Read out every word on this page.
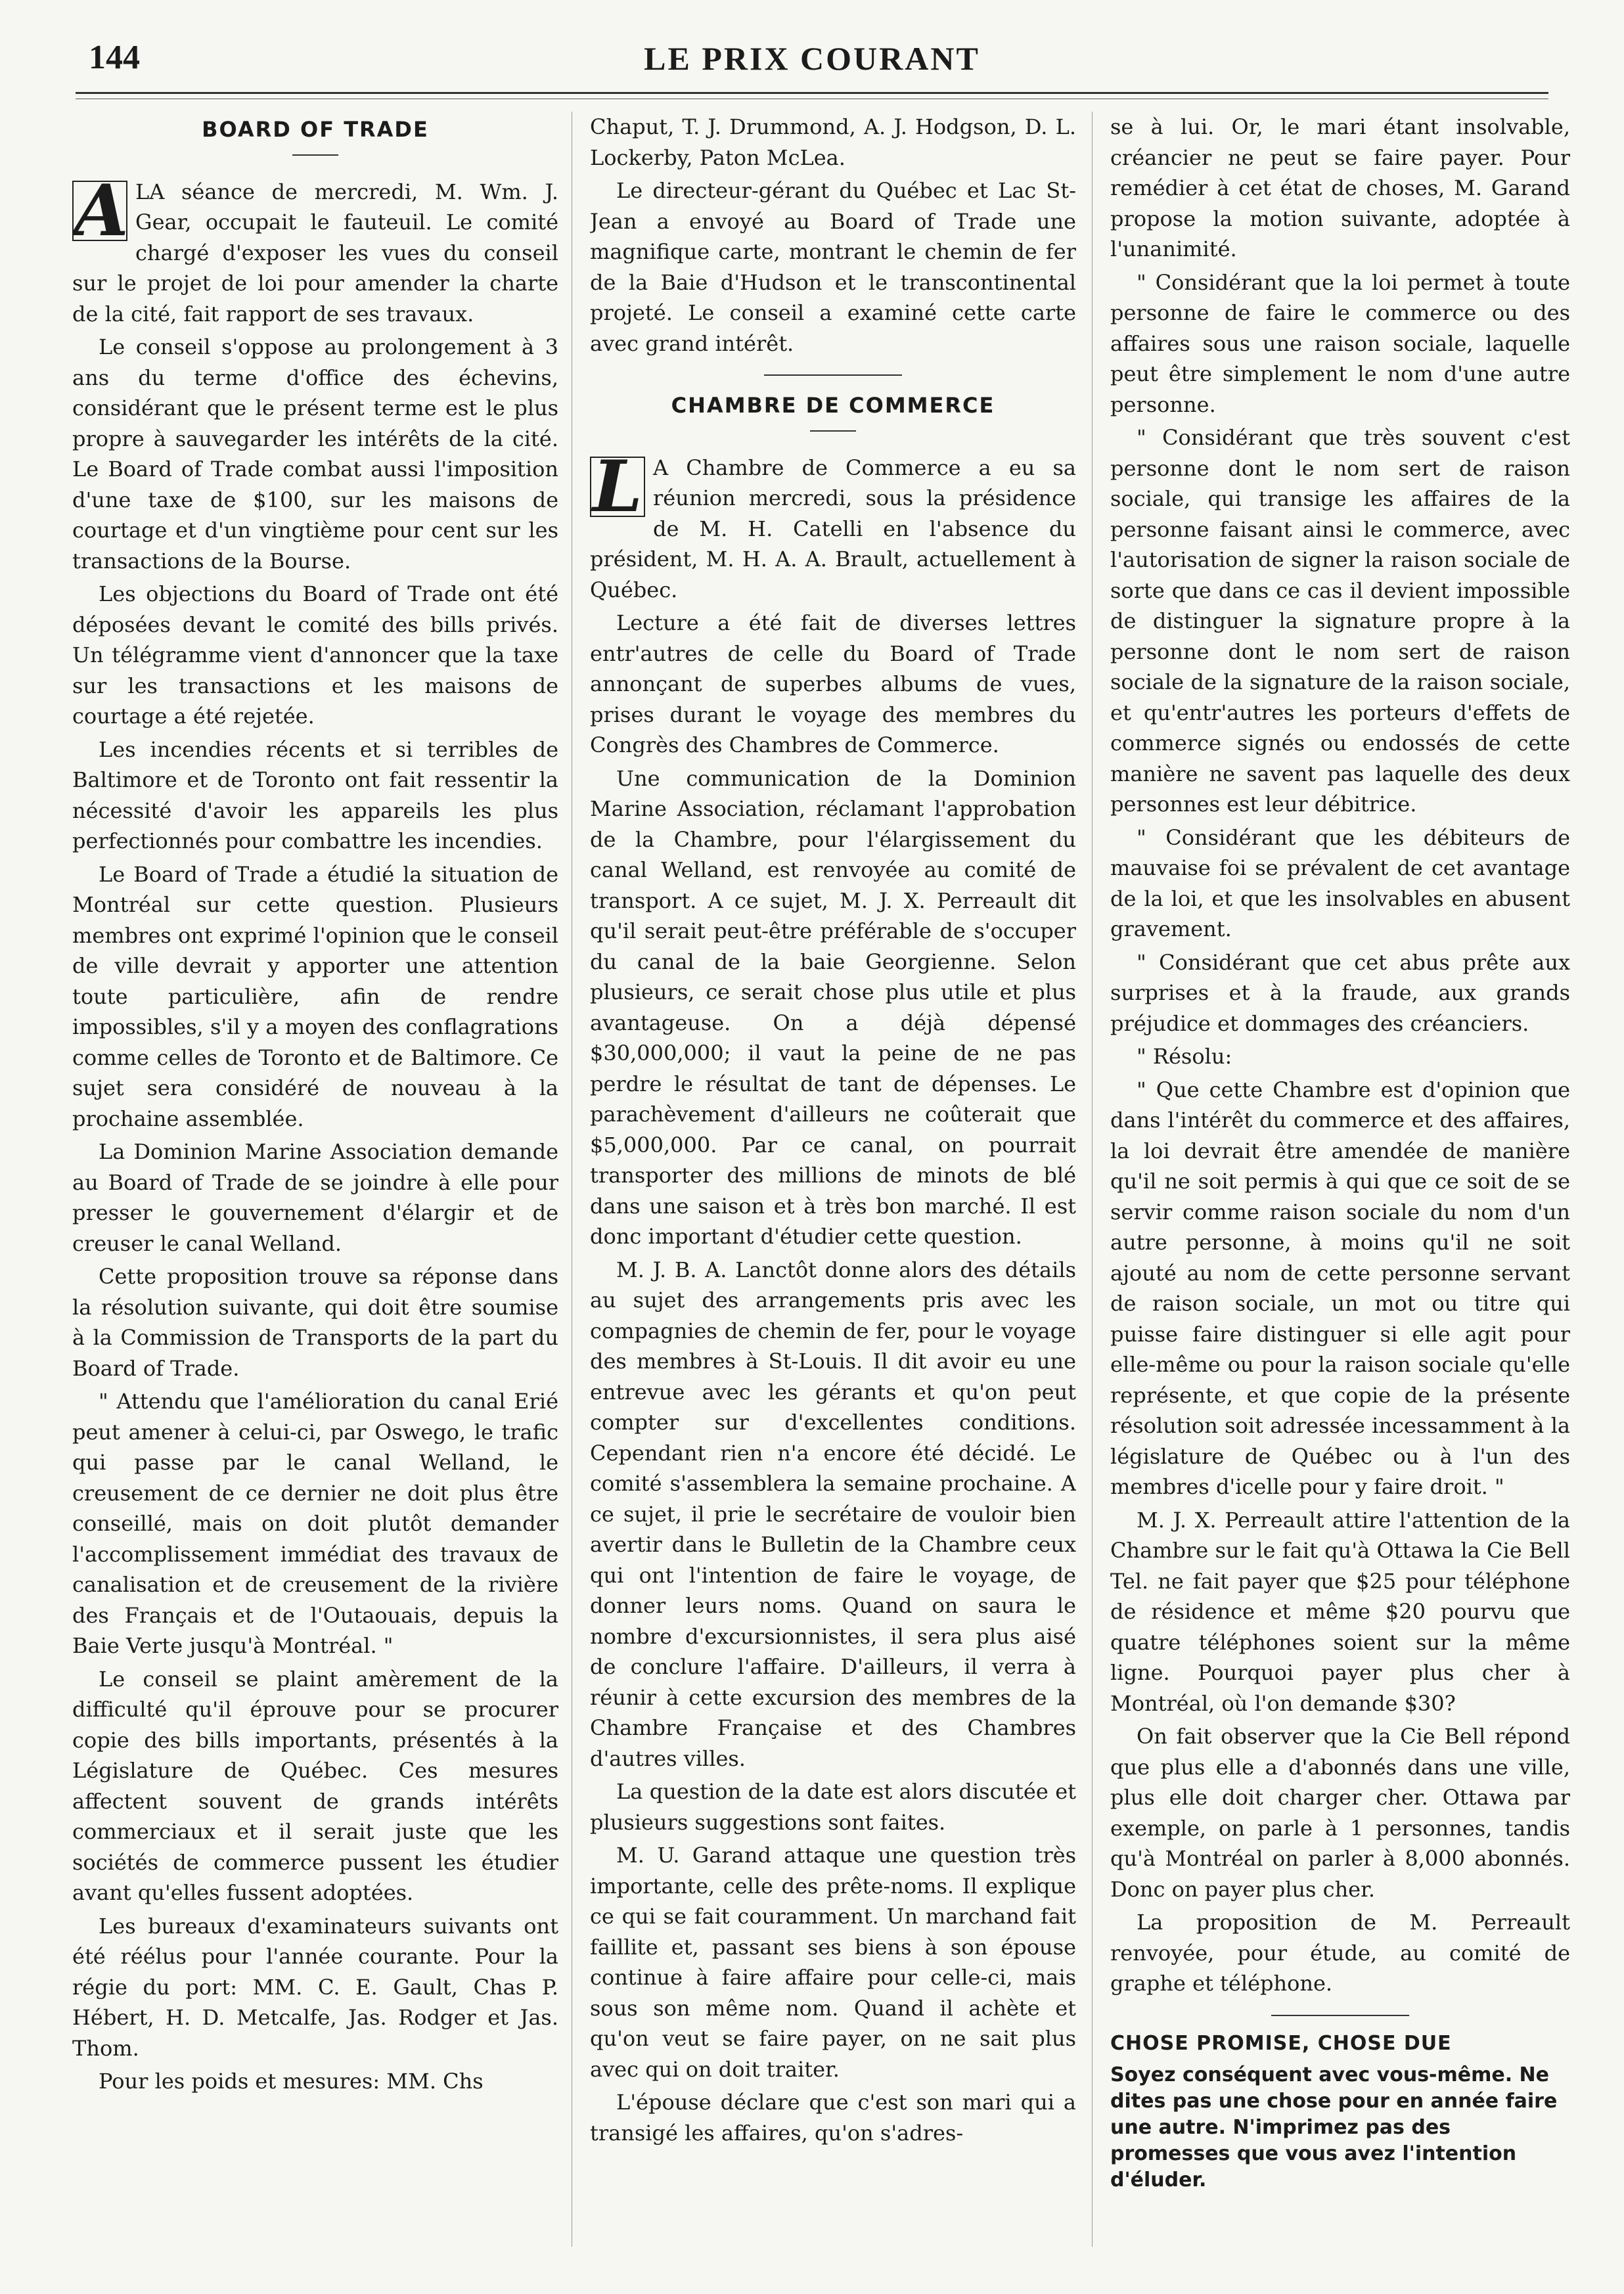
144	LE PRIX COURANT
BOARD OF TRADE

A LA séance de mercredi, M. Wm. J. Gear, occupait le fauteuil. Le comité chargé d'exposer les vues du conseil sur le projet de loi pour amender la charte de la cité, fait rapport de ses travaux.

Le conseil s'oppose au prolongement à 3 ans du terme d'office des échevins, considérant que le présent terme est le plus propre à sauvegarder les intérêts de la cité. Le Board of Trade combat aussi l'imposition d'une taxe de $100, sur les maisons de courtage et d'un vingtième pour cent sur les transactions de la Bourse.

Les objections du Board of Trade ont été déposées devant le comité des bills privés. Un télégramme vient d'annoncer que la taxe sur les transactions et les maisons de courtage a été rejetée.

Les incendies récents et si terribles de Baltimore et de Toronto ont fait ressentir la nécessité d'avoir les appareils les plus perfectionnés pour combattre les incendies.

Le Board of Trade a étudié la situation de Montréal sur cette question. Plusieurs membres ont exprimé l'opinion que le conseil de ville devrait y apporter une attention toute particulière, afin de rendre impossibles, s'il y a moyen des conflagrations comme celles de Toronto et de Baltimore. Ce sujet sera considéré de nouveau à la prochaine assemblée.

La Dominion Marine Association demande au Board of Trade de se joindre à elle pour presser le gouvernement d'élargir et de creuser le canal Welland.

Cette proposition trouve sa réponse dans la résolution suivante, qui doit être soumise à la Commission de Transports de la part du Board of Trade.

" Attendu que l'amélioration du canal Erié peut amener à celui-ci, par Oswego, le trafic qui passe par le canal Welland, le creusement de ce dernier ne doit plus être conseillé, mais on doit plutôt demander l'accomplissement immédiat des travaux de canalisation et de creusement de la rivière des Français et de l'Outaouais, depuis la Baie Verte jusqu'à Montréal. "

Le conseil se plaint amèrement de la difficulté qu'il éprouve pour se procurer copie des bills importants, présentés à la Législature de Québec. Ces mesures affectent souvent de grands intérêts commerciaux et il serait juste que les sociétés de commerce pussent les étudier avant qu'elles fussent adoptées.

Les bureaux d'examinateurs suivants ont été réélus pour l'année courante. Pour la régie du port: MM. C. E. Gault, Chas P. Hébert, H. D. Metcalfe, Jas. Rodger et Jas. Thom.

Pour les poids et mesures: MM. Chs

Chaput, T. J. Drummond, A. J. Hodgson, D. L. Lockerby, Paton McLea.

Le directeur-gérant du Québec et Lac St-Jean a envoyé au Board of Trade une magnifique carte, montrant le chemin de fer de la Baie d'Hudson et le transcontinental projeté. Le conseil a examiné cette carte avec grand intérêt.

CHAMBRE DE COMMERCE

L A Chambre de Commerce a eu sa réunion mercredi, sous la présidence de M. H. Catelli en l'absence du président, M. H. A. A. Brault, actuellement à Québec.

Lecture a été fait de diverses lettres entr'autres de celle du Board of Trade annonçant de superbes albums de vues, prises durant le voyage des membres du Congrès des Chambres de Commerce.

Une communication de la Dominion Marine Association, réclamant l'approbation de la Chambre, pour l'élargissement du canal Welland, est renvoyée au comité de transport. A ce sujet, M. J. X. Perreault dit qu'il serait peut-être préférable de s'occuper du canal de la baie Georgienne. Selon plusieurs, ce serait chose plus utile et plus avantageuse. On a déjà dépensé $30,000,000; il vaut la peine de ne pas perdre le résultat de tant de dépenses. Le parachèvement d'ailleurs ne coûterait que $5,000,000. Par ce canal, on pourrait transporter des millions de minots de blé dans une saison et à très bon marché. Il est donc important d'étudier cette question.

M. J. B. A. Lanctôt donne alors des détails au sujet des arrangements pris avec les compagnies de chemin de fer, pour le voyage des membres à St-Louis. Il dit avoir eu une entrevue avec les gérants et qu'on peut compter sur d'excellentes conditions. Cependant rien n'a encore été décidé. Le comité s'assemblera la semaine prochaine. A ce sujet, il prie le secrétaire de vouloir bien avertir dans le Bulletin de la Chambre ceux qui ont l'intention de faire le voyage, de donner leurs noms. Quand on saura le nombre d'excursionnistes, il sera plus aisé de conclure l'affaire. D'ailleurs, il verra à réunir à cette excursion des membres de la Chambre Française et des Chambres d'autres villes.

La question de la date est alors discutée et plusieurs suggestions sont faites.

M. U. Garand attaque une question très importante, celle des prête-noms. Il explique ce qui se fait couramment. Un marchand fait faillite et, passant ses biens à son épouse continue à faire affaire pour celle-ci, mais sous son même nom. Quand il achète et qu'on veut se faire payer, on ne sait plus avec qui on doit traiter.

L'épouse déclare que c'est son mari qui a transigé les affaires, qu'on s'adres-

se à lui. Or, le mari étant insolvable, créancier ne peut se faire payer. Pour remédier à cet état de choses, M. Garand propose la motion suivante, adoptée à l'unanimité.

" Considérant que la loi permet à toute personne de faire le commerce ou des affaires sous une raison sociale, laquelle peut être simplement le nom d'une autre personne.

" Considérant que très souvent c'est personne dont le nom sert de raison sociale, qui transige les affaires de la personne faisant ainsi le commerce, avec l'autorisation de signer la raison sociale de sorte que dans ce cas il devient impossible de distinguer la signature propre à la personne dont le nom sert de raison sociale de la signature de la raison sociale, et qu'entr'autres les porteurs d'effets de commerce signés ou endossés de cette manière ne savent pas laquelle des deux personnes est leur débitrice.

" Considérant que les débiteurs de mauvaise foi se prévalent de cet avantage de la loi, et que les insolvables en abusent gravement.

" Considérant que cet abus prête aux surprises et à la fraude, aux grands préjudice et dommages des créanciers.

" Résolu:

" Que cette Chambre est d'opinion que dans l'intérêt du commerce et des affaires, la loi devrait être amendée de manière qu'il ne soit permis à qui que ce soit de se servir comme raison sociale du nom d'un autre personne, à moins qu'il ne soit ajouté au nom de cette personne servant de raison sociale, un mot ou titre qui puisse faire distinguer si elle agit pour elle-même ou pour la raison sociale qu'elle représente, et que copie de la présente résolution soit adressée incessamment à la législature de Québec ou à l'un des membres d'icelle pour y faire droit. "

M. J. X. Perreault attire l'attention de la Chambre sur le fait qu'à Ottawa la Cie Bell Tel. ne fait payer que $25 pour téléphone de résidence et même $20 pourvu que quatre téléphones soient sur la même ligne. Pourquoi payer plus cher à Montréal, où l'on demande $30?

On fait observer que la Cie Bell répond que plus elle a d'abonnés dans une ville, plus elle doit charger cher. Ottawa par exemple, on parle à 1 personnes, tandis qu'à Montréal on parler à 8,000 abonnés. Donc on payer plus cher.

La proposition de M. Perreault renvoyée, pour étude, au comité de graphe et téléphone.

CHOSE PROMISE, CHOSE DUE

Soyez conséquent avec vous-même. Ne dites pas une chose pour en année faire une autre. N'imprimez pas des promesses que vous avez l'intention d'éluder.
